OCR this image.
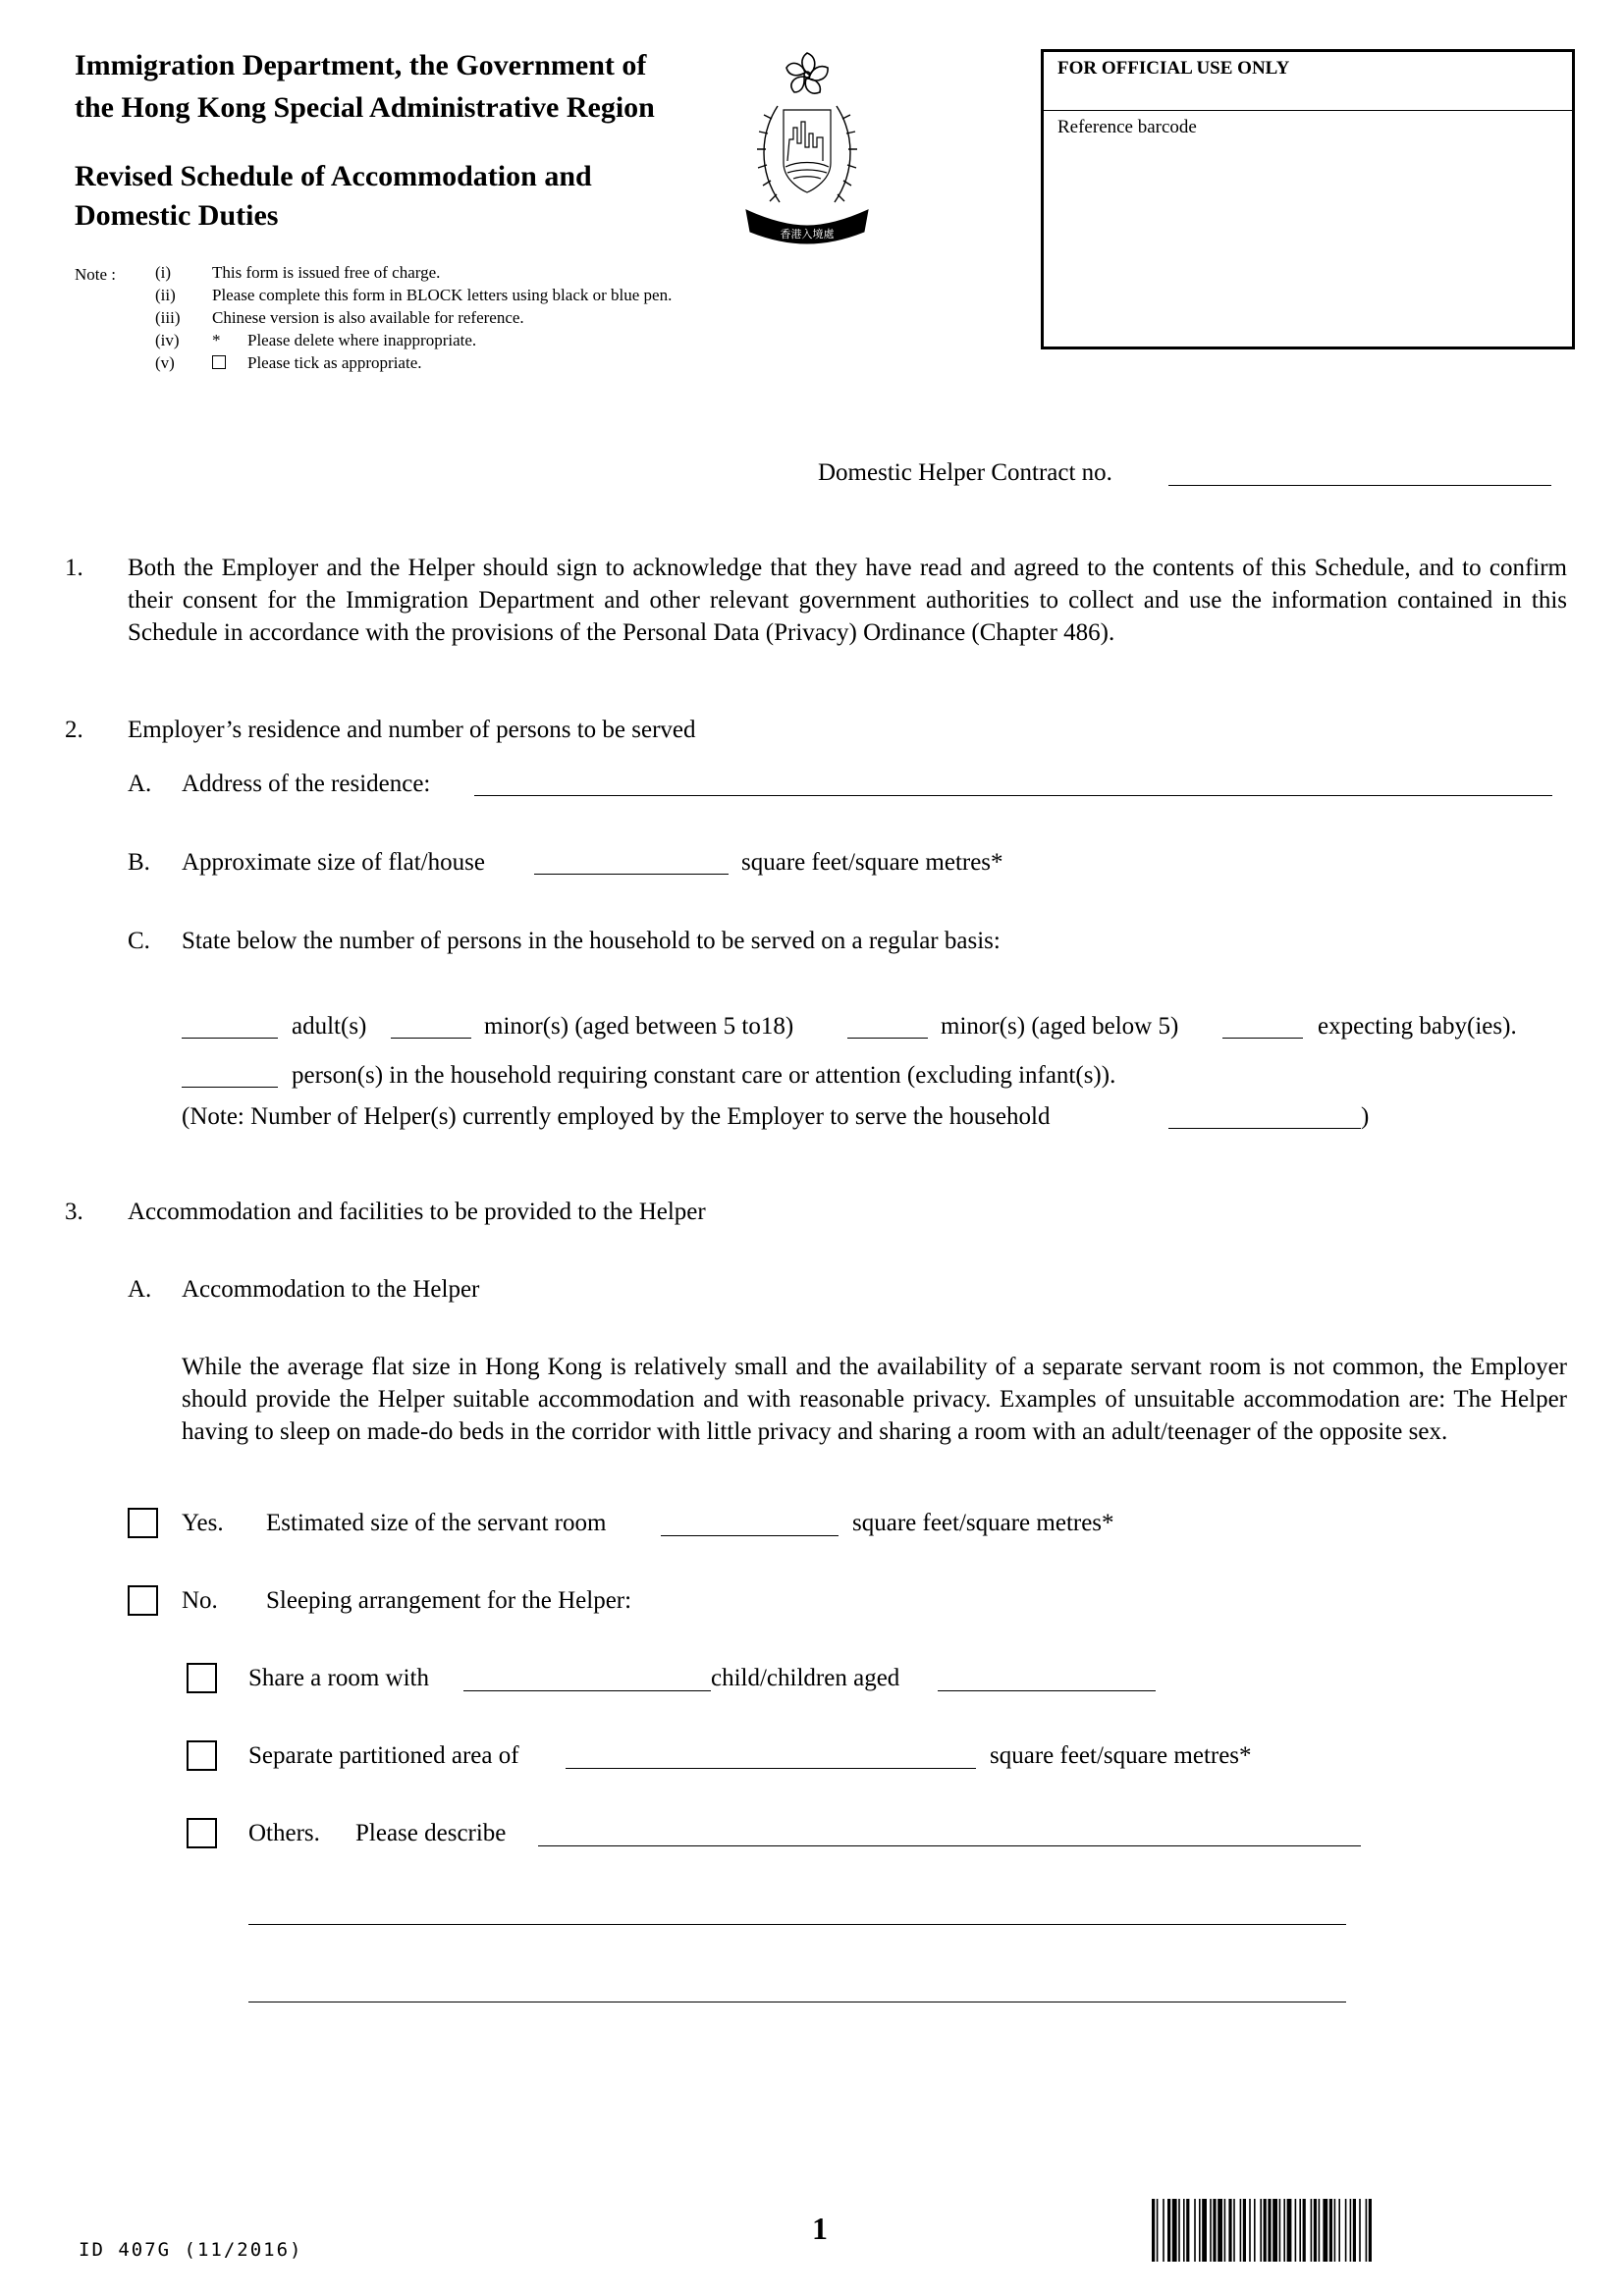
Immigration Department, the Government of
the Hong Kong Special Administrative Region
Revised Schedule of Accommodation and
Domestic Duties
香港入境處
Note : (i)	This form is issued free of charge.
(ii)	Please complete this form in BLOCK letters using black or blue pen.
(iii)	Chinese version is also available for reference.
(iv)	*	Please delete where inappropriate.
(v)	Please tick as appropriate.
FOR OFFICIAL USE ONLY
Reference barcode
Domestic Helper Contract no.
1. Both the Employer and the Helper should sign to acknowledge that they have read and agreed to the contents of this Schedule, and to confirm their consent for the Immigration Department and other relevant government authorities to collect and use the information contained in this Schedule in accordance with the provisions of the Personal Data (Privacy) Ordinance (Chapter 486).
2. Employer’s residence and number of persons to be served
A. Address of the residence:
B. Approximate size of flat/house	square feet/square metres*
C. State below the number of persons in the household to be served on a regular basis:
adult(s)	minor(s) (aged between 5 to18)	minor(s) (aged below 5)	expecting baby(ies).
person(s) in the household requiring constant care or attention (excluding infant(s)).
(Note: Number of Helper(s) currently employed by the Employer to serve the household	)
3. Accommodation and facilities to be provided to the Helper
A. Accommodation to the Helper
While the average flat size in Hong Kong is relatively small and the availability of a separate servant room is not common, the Employer should provide the Helper suitable accommodation and with reasonable privacy. Examples of unsuitable accommodation are: The Helper having to sleep on made-do beds in the corridor with little privacy and sharing a room with an adult/teenager of the opposite sex.
Yes. Estimated size of the servant room	square feet/square metres*
No. Sleeping arrangement for the Helper:
Share a room with	child/children aged
Separate partitioned area of	square feet/square metres*
Others. Please describe
ID 407G (11/2016)
1
